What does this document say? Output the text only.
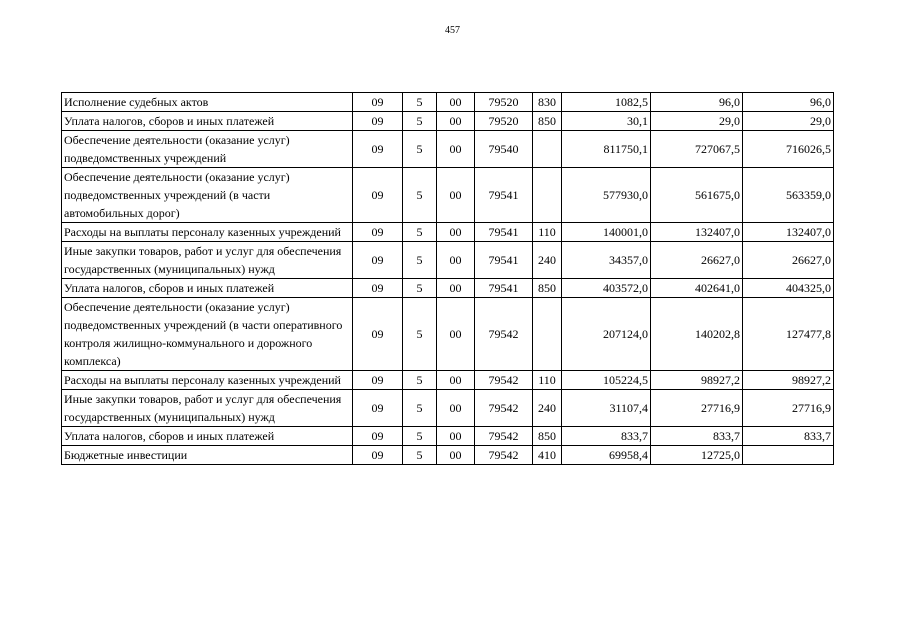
457
Исполнение судебных актов	09	5	00	79520	830	1082,5	96,0	96,0
Уплата налогов, сборов и иных платежей	09	5	00	79520	850	30,1	29,0	29,0
Обеспечение деятельности (оказание услуг) подведомственных учреждений	09	5	00	79540		811750,1	727067,5	716026,5
Обеспечение деятельности (оказание услуг) подведомственных учреждений (в части автомобильных дорог)	09	5	00	79541		577930,0	561675,0	563359,0
Расходы на выплаты персоналу казенных учреждений	09	5	00	79541	110	140001,0	132407,0	132407,0
Иные закупки товаров, работ и услуг для обеспечения государственных (муниципальных) нужд	09	5	00	79541	240	34357,0	26627,0	26627,0
Уплата налогов, сборов и иных платежей	09	5	00	79541	850	403572,0	402641,0	404325,0
Обеспечение деятельности (оказание услуг) подведомственных учреждений (в части оперативного контроля жилищно-коммунального и дорожного комплекса)	09	5	00	79542		207124,0	140202,8	127477,8
Расходы на выплаты персоналу казенных учреждений	09	5	00	79542	110	105224,5	98927,2	98927,2
Иные закупки товаров, работ и услуг для обеспечения государственных (муниципальных) нужд	09	5	00	79542	240	31107,4	27716,9	27716,9
Уплата налогов, сборов и иных платежей	09	5	00	79542	850	833,7	833,7	833,7
Бюджетные инвестиции	09	5	00	79542	410	69958,4	12725,0	
